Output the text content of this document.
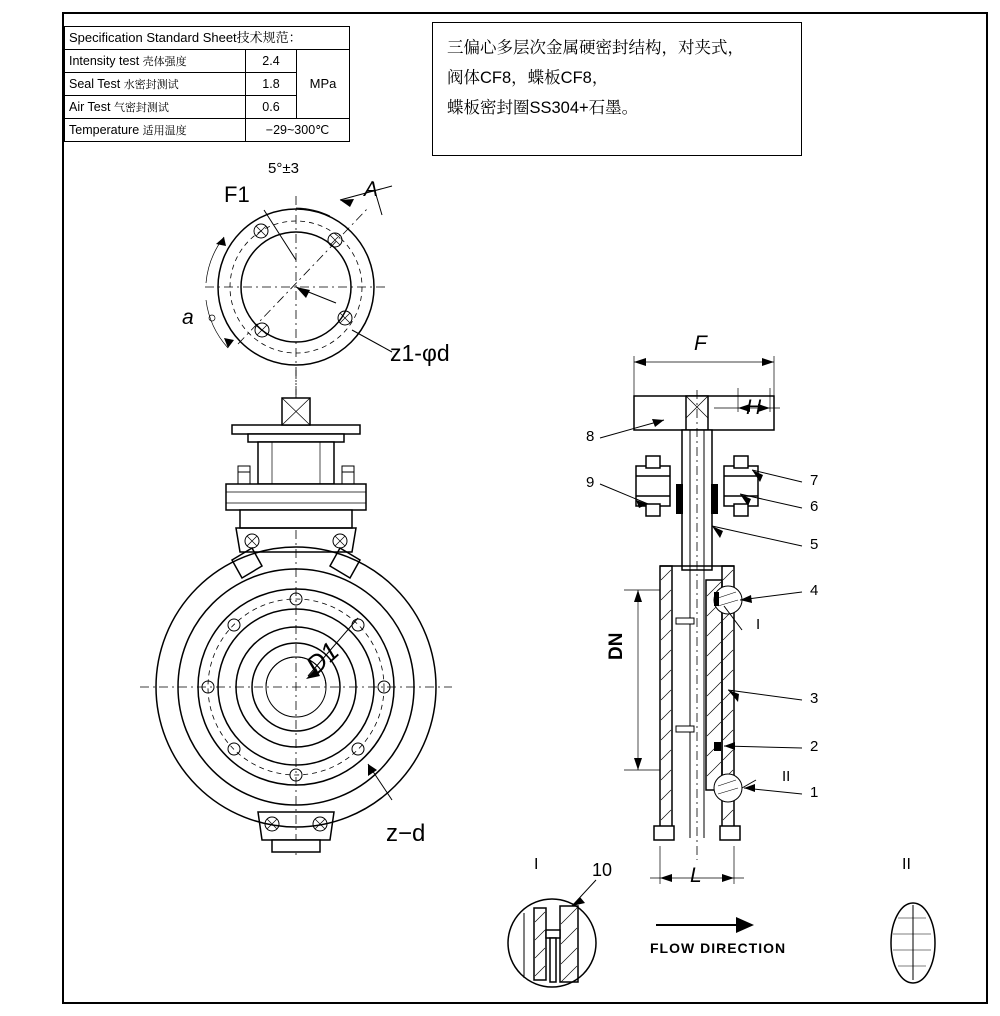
Specification Standard Sheet技术规范：		
Intensity test 壳体强度	2.4	MPa
Seal Test 水密封测试	1.8	
Air Test 气密封测试	0.6	
Temperature 适用温度	−29~300℃	
三偏心多层次金属硬密封结构，对夹式，
阀体CF8，蝶板CF8，
蝶板密封圈SS304+石墨。
F1
5°±3
A
a
z1-φd
D1
z−d
F
H
DN
L
FLOW DIRECTION
8
9	7
6
5
4
3
2
1
I
II
I	10	II
